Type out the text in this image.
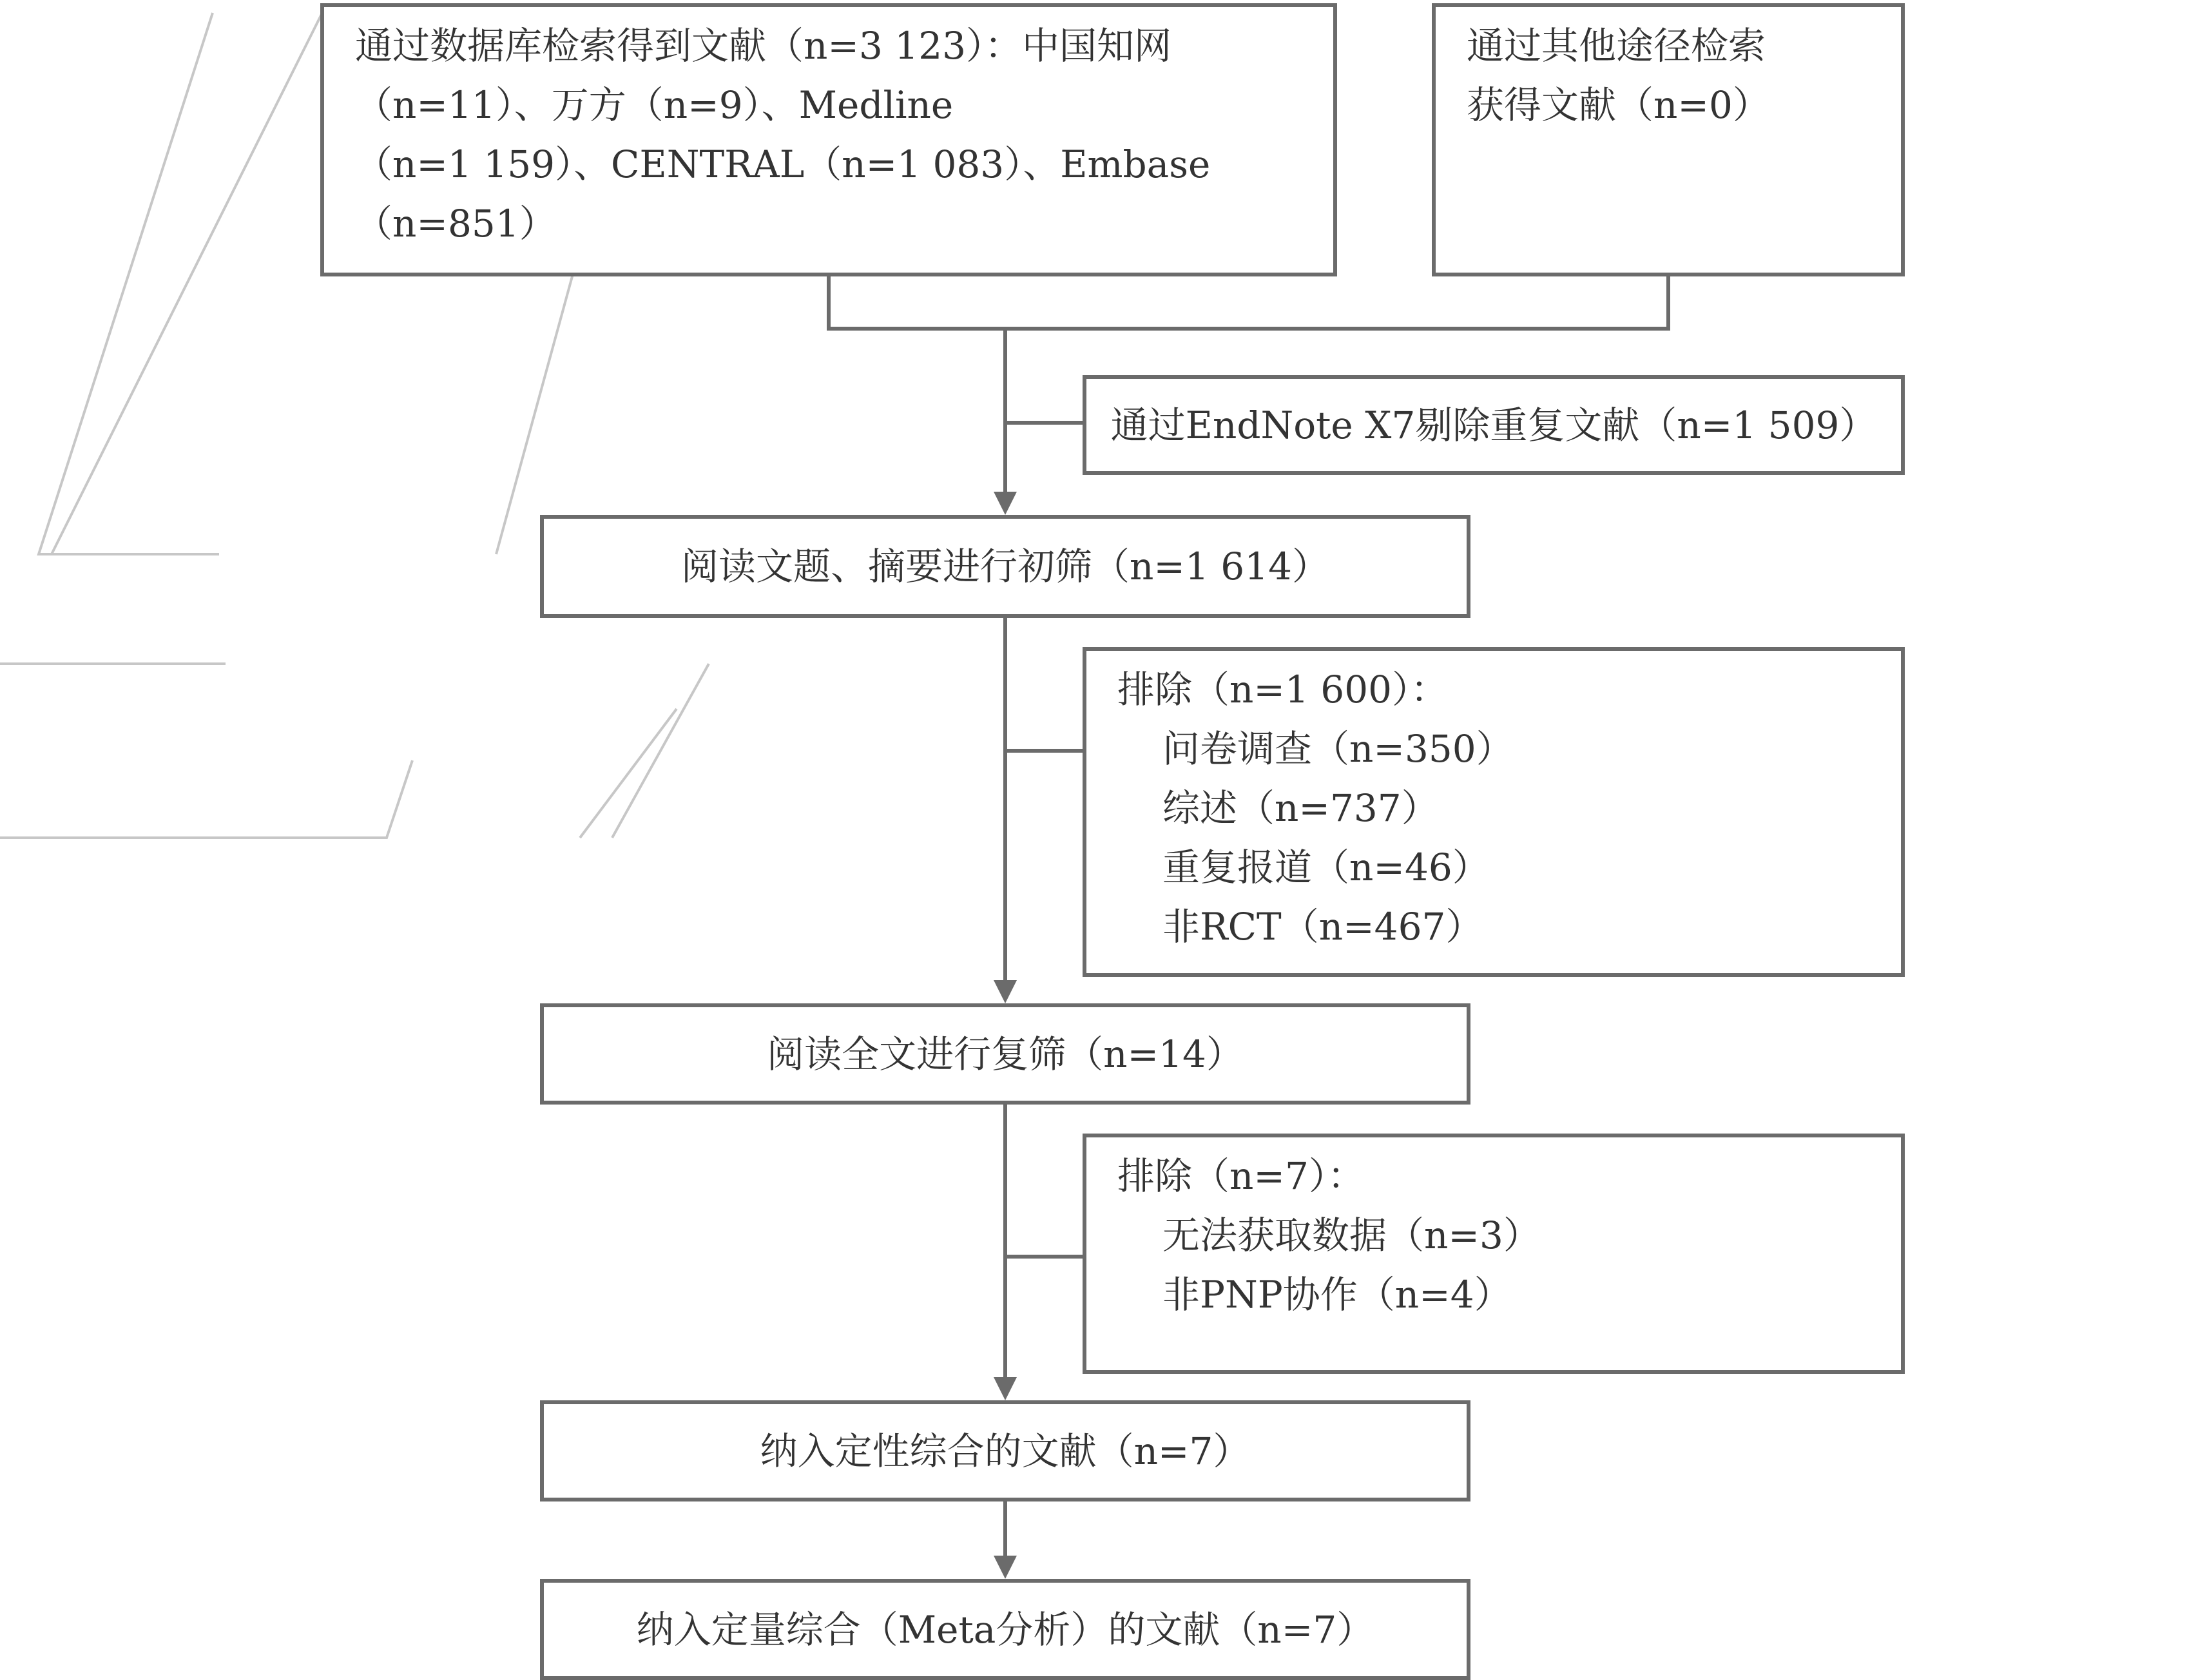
通过数据库检索得到文献（n=3 123）：中国知网
（n=11）、万方（n=9）、Medline
（n=1 159）、CENTRAL（n=1 083）、Embase
（n=851）
通过其他途径检索
获得文献（n=0）
通过EndNote X7剔除重复文献（n=1 509）
阅读文题、摘要进行初筛（n=1 614）
排除（n=1 600）：
问卷调查（n=350）
综述（n=737）
重复报道（n=46）
非RCT（n=467）
阅读全文进行复筛（n=14）
排除（n=7）：
无法获取数据（n=3）
非PNP协作（n=4）
纳入定性综合的文献（n=7）
纳入定量综合（Meta分析）的文献（n=7）
